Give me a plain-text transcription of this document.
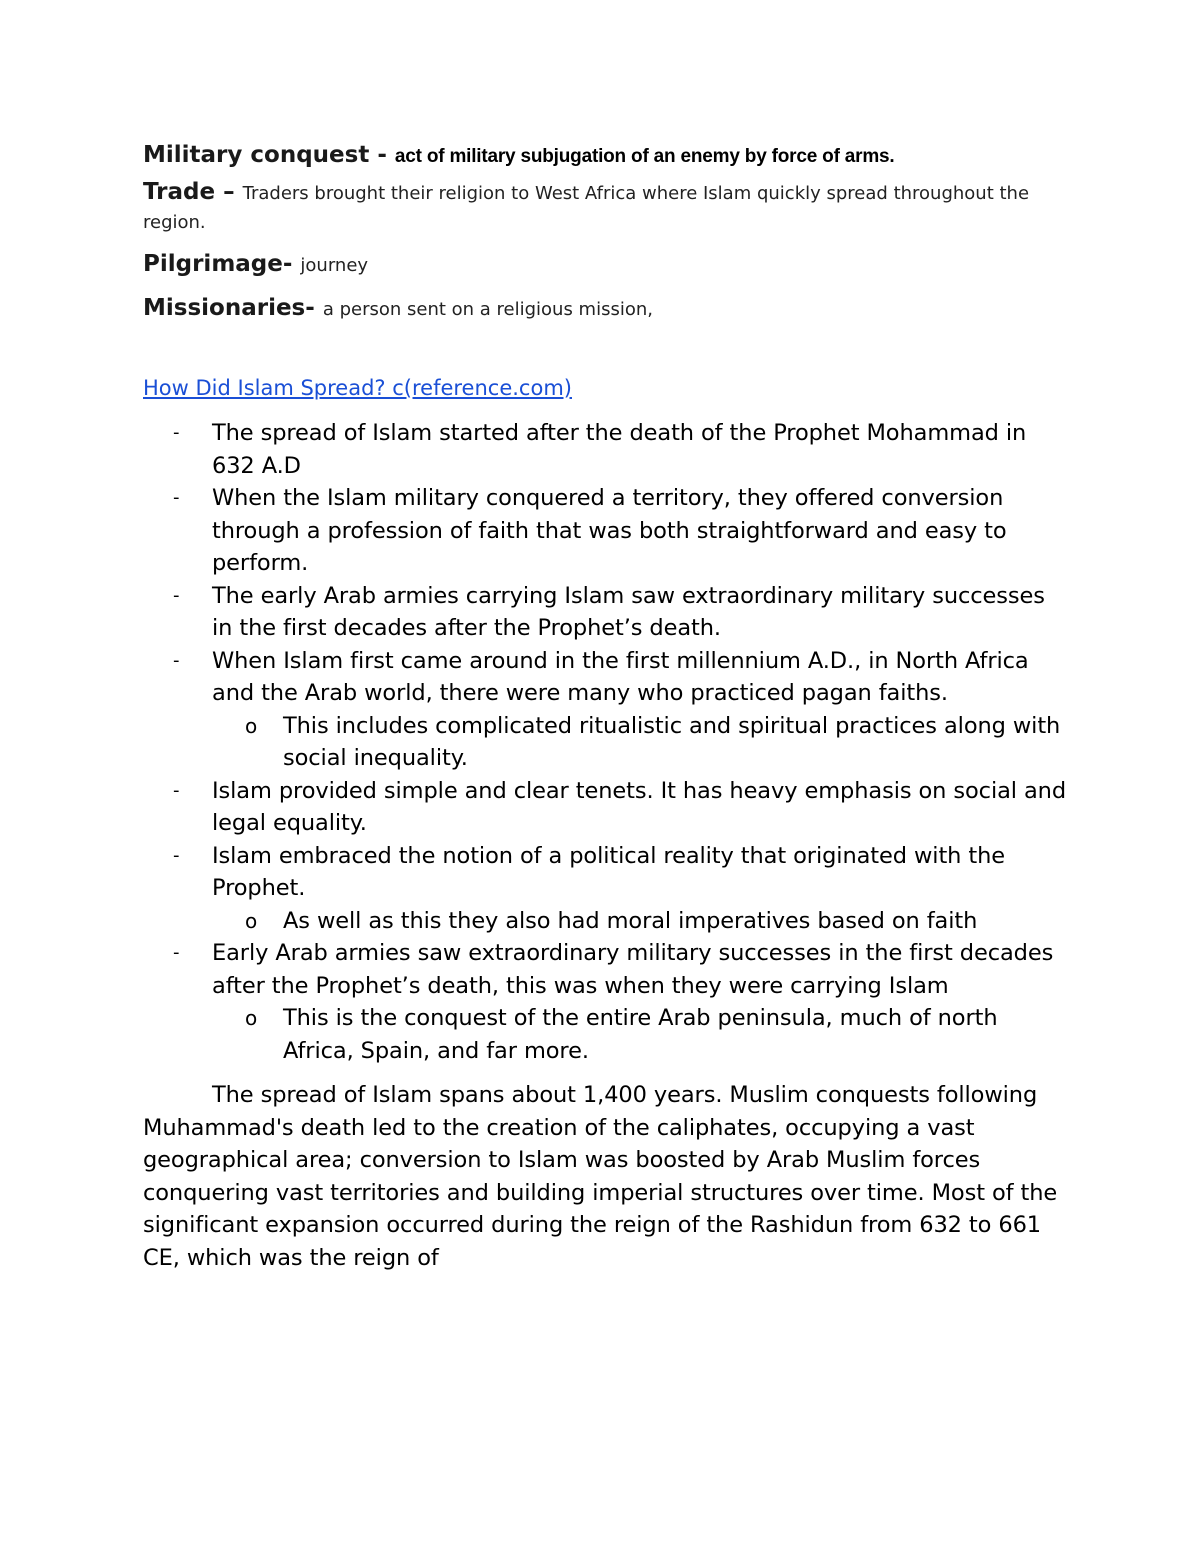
Military conquest - act of military subjugation of an enemy by force of arms.

Trade – Traders brought their religion to West Africa where Islam quickly spread throughout the region.

Pilgrimage- journey

Missionaries- a person sent on a religious mission,

How Did Islam Spread? c(reference.com)
- The spread of Islam started after the death of the Prophet Mohammad in 632 A.D
- When the Islam military conquered a territory, they offered conversion through a profession of faith that was both straightforward and easy to perform.
- The early Arab armies carrying Islam saw extraordinary military successes in the first decades after the Prophet’s death.
- When Islam first came around in the first millennium A.D., in North Africa and the Arab world, there were many who practiced pagan faiths.
o This includes complicated ritualistic and spiritual practices along with social inequality.
- Islam provided simple and clear tenets. It has heavy emphasis on social and legal equality.
- Islam embraced the notion of a political reality that originated with the Prophet.
o As well as this they also had moral imperatives based on faith
- Early Arab armies saw extraordinary military successes in the first decades after the Prophet’s death, this was when they were carrying Islam
o This is the conquest of the entire Arab peninsula, much of north Africa, Spain, and far more.

The spread of Islam spans about 1,400 years. Muslim conquests following Muhammad's death led to the creation of the caliphates, occupying a vast geographical area; conversion to Islam was boosted by Arab Muslim forces conquering vast territories and building imperial structures over time. Most of the significant expansion occurred during the reign of the Rashidun from 632 to 661 CE, which was the reign of
